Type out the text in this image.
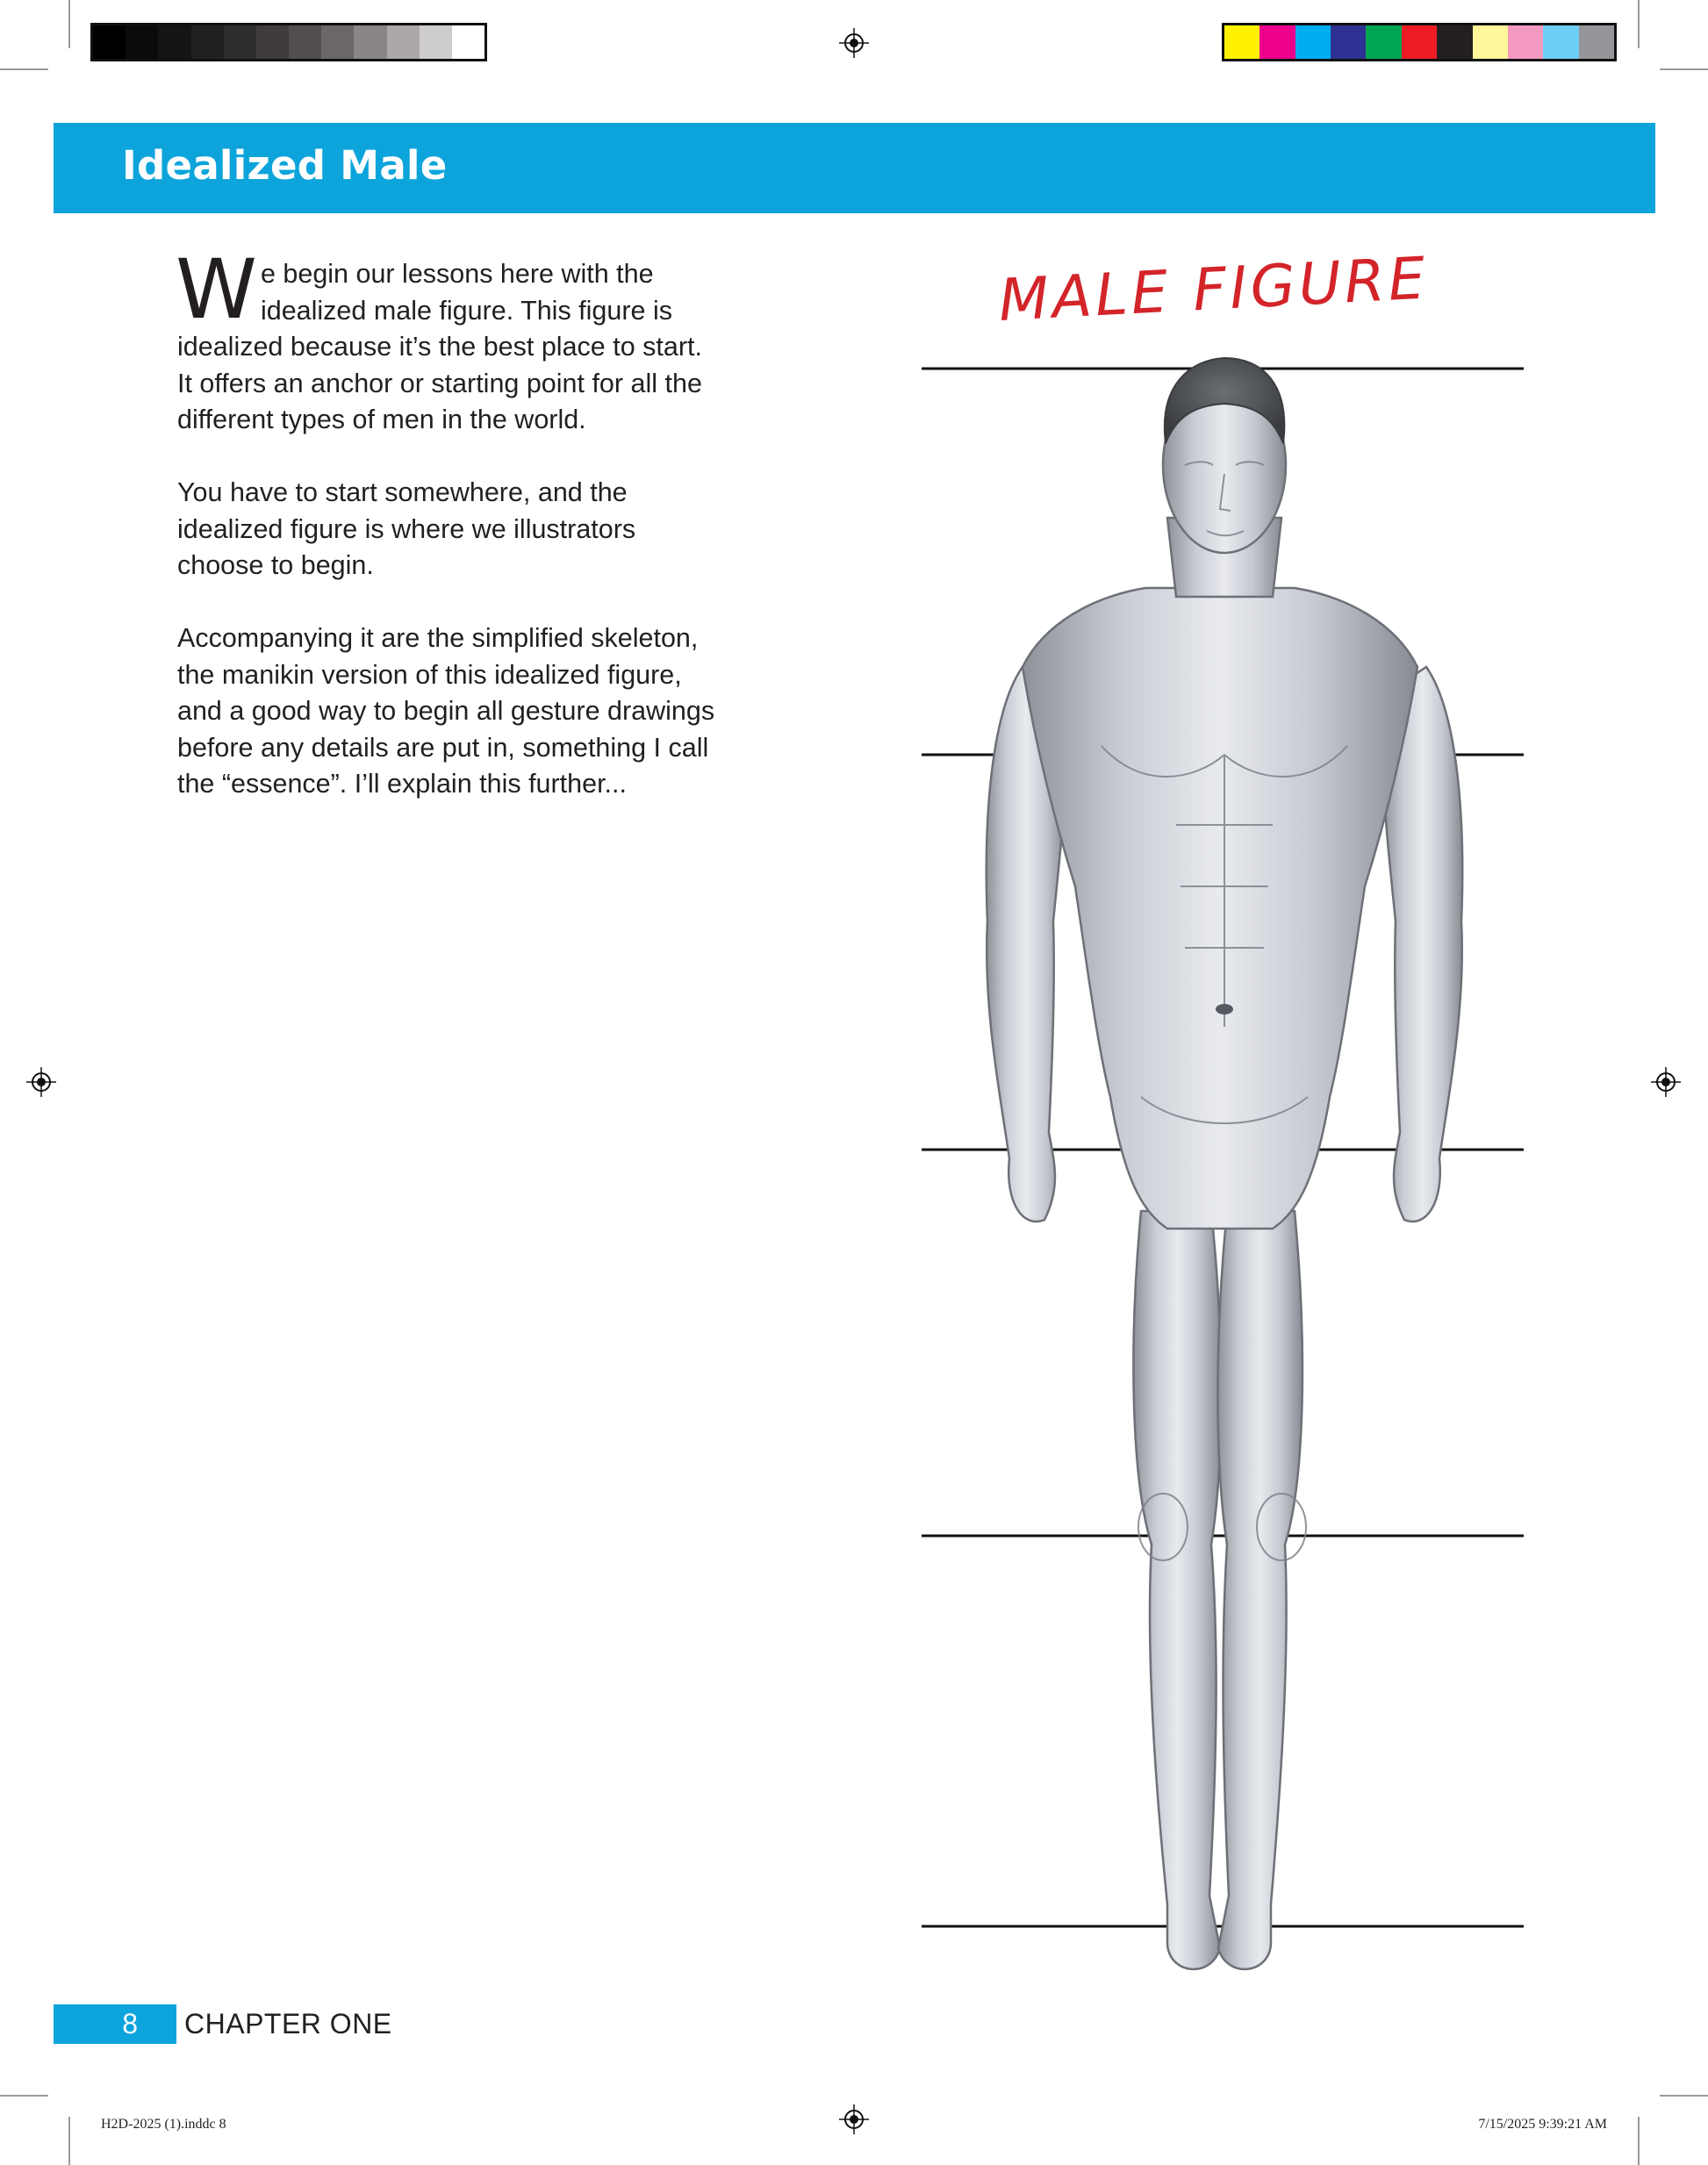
Idealized Male

We begin our lessons here with the idealized male figure. This figure is idealized because it’s the best place to start. It offers an anchor or starting point for all the different types of men in the world.

You have to start somewhere, and the idealized figure is where we illustrators choose to begin.

Accompanying it are the simplified skeleton, the manikin version of this idealized figure, and a good way to begin all gesture drawings before any details are put in, something I call the “essence”. I’ll explain this further...

MALE FIGURE
8 CHAPTER ONE
H2D-2025 (1).inddc 8	7/15/2025 9:39:21 AM
